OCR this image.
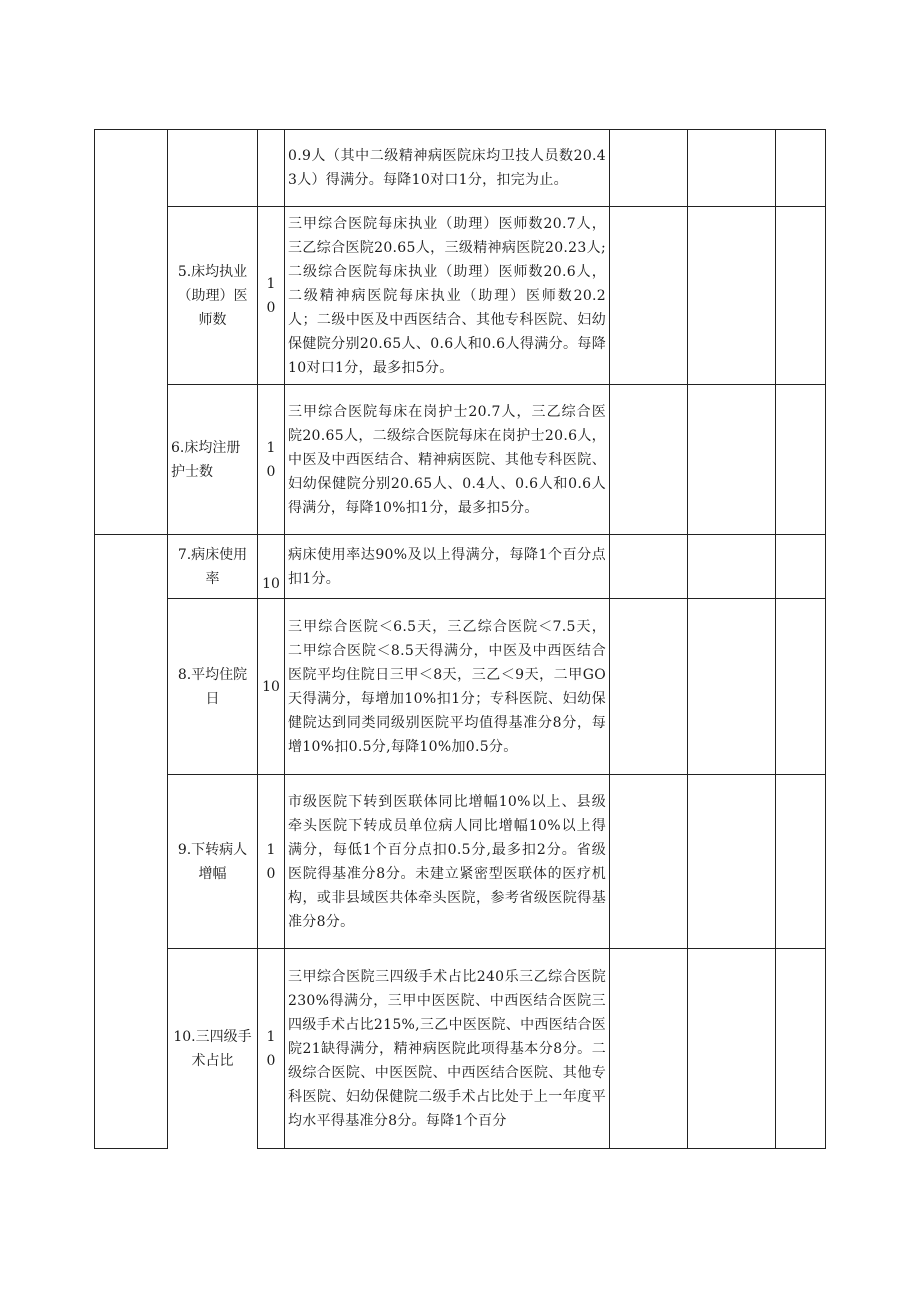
			0.9人（其中二级精神病医院床均卫技人员数20.43人）得满分。每降10对口1分，扣完为止。			
	5.床均执业（助理）医师数	10	三甲综合医院每床执业（助理）医师数20.7人，三乙综合医院20.65人，三级精神病医院20.23人;二级综合医院每床执业（助理）医师数20.6人，二级精神病医院每床执业（助理）医师数20.2人；二级中医及中西医结合、其他专科医院、妇幼保健院分别20.65人、0.6人和0.6人得满分。每降10对口1分，最多扣5分。			
	6.床均注册护士数	10	三甲综合医院每床在岗护士20.7人，三乙综合医院20.65人，二级综合医院每床在岗护士20.6人，中医及中西医结合、精神病医院、其他专科医院、妇幼保健院分别20.65人、0.4人、0.6人和0.6人得满分，每降10%扣1分，最多扣5分。			
	7.病床使用率	10	病床使用率达90%及以上得满分，每降1个百分点扣1分。			
	8.平均住院日	10	三甲综合医院＜6.5天，三乙综合医院＜7.5天，二甲综合医院＜8.5天得满分，中医及中西医结合医院平均住院日三甲＜8天，三乙＜9天，二甲GO天得满分，每增加10%扣1分；专科医院、妇幼保健院达到同类同级别医院平均值得基准分8分，每增10%扣0.5分,每降10%加0.5分。			
	9.下转病人增幅	10	市级医院下转到医联体同比增幅10%以上、县级牵头医院下转成员单位病人同比增幅10%以上得满分，每低1个百分点扣0.5分,最多扣2分。省级医院得基准分8分。未建立紧密型医联体的医疗机构，或非县域医共体牵头医院，参考省级医院得基准分8分。			
	10.三四级手术占比	10	三甲综合医院三四级手术占比240乐三乙综合医院230%得满分，三甲中医医院、中西医结合医院三四级手术占比215%,三乙中医医院、中西医结合医院21缺得满分，精神病医院此项得基本分8分。二级综合医院、中医医院、中西医结合医院、其他专科医院、妇幼保健院二级手术占比处于上一年度平均水平得基准分8分。每降1个百分			
